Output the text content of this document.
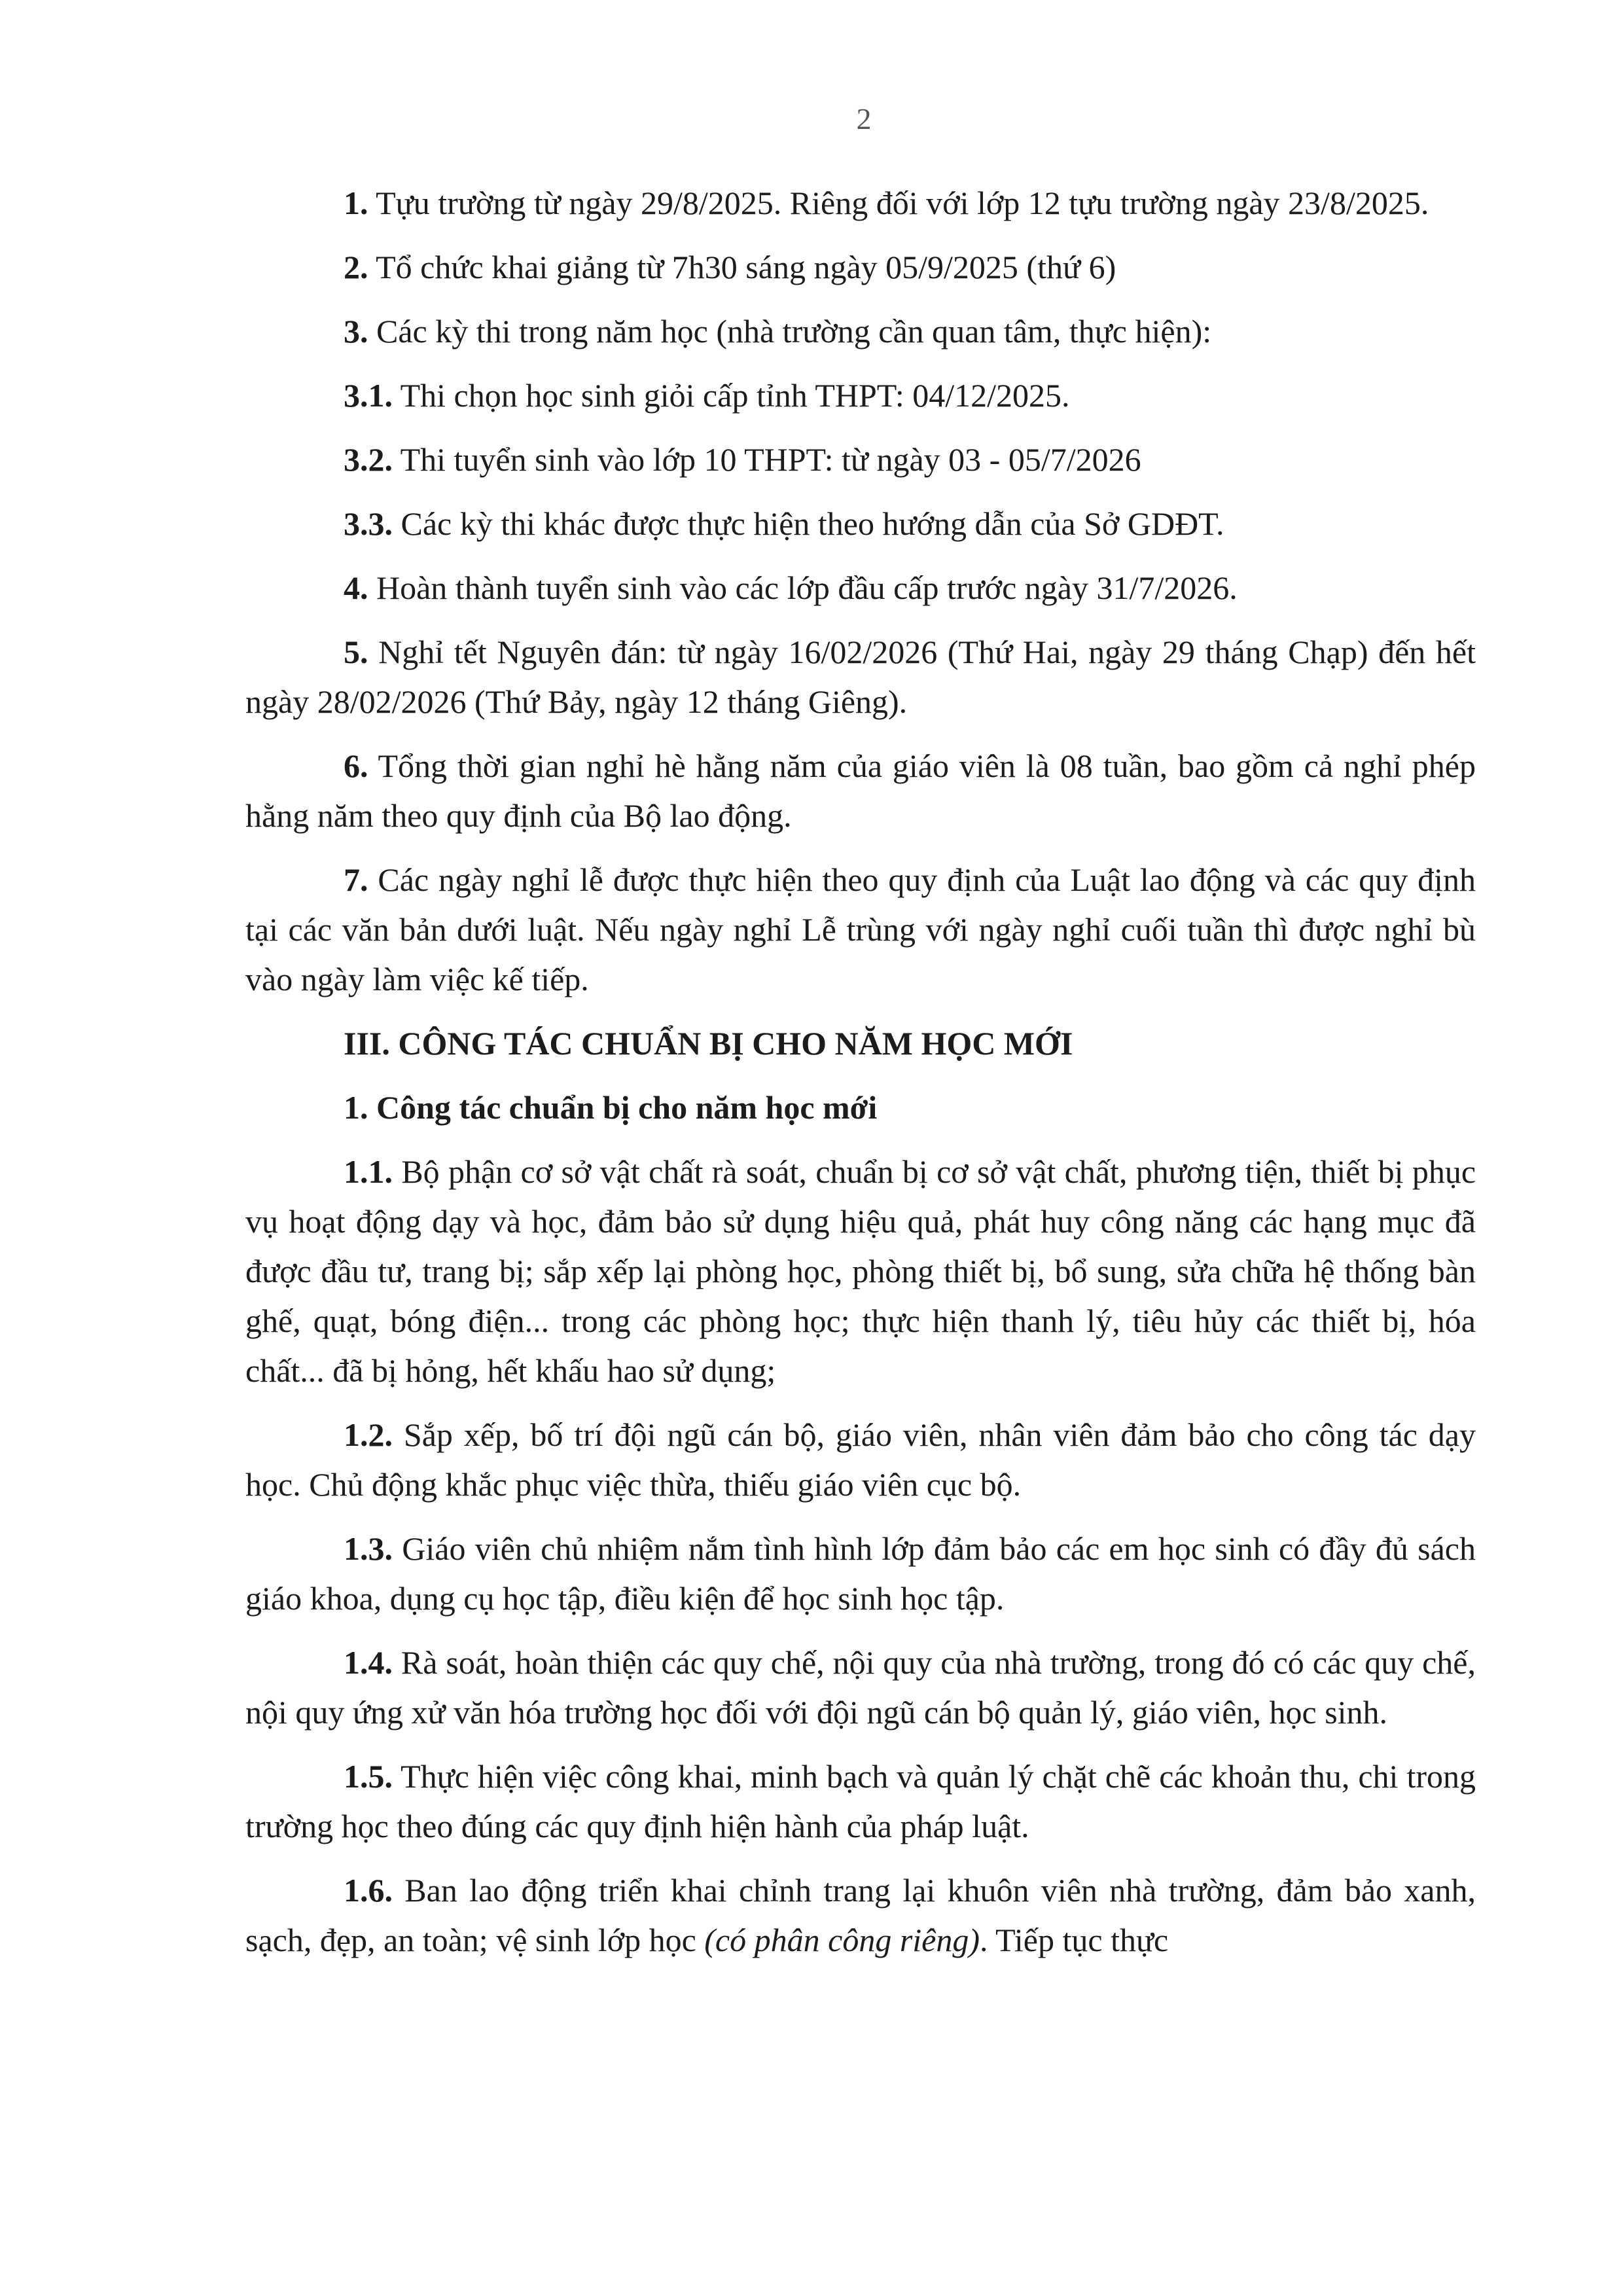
2

1. Tựu trường từ ngày 29/8/2025. Riêng đối với lớp 12 tựu trường ngày 23/8/2025.

2. Tổ chức khai giảng từ 7h30 sáng ngày 05/9/2025 (thứ 6)

3. Các kỳ thi trong năm học (nhà trường cần quan tâm, thực hiện):

3.1. Thi chọn học sinh giỏi cấp tỉnh THPT: 04/12/2025.

3.2. Thi tuyển sinh vào lớp 10 THPT: từ ngày 03 - 05/7/2026

3.3. Các kỳ thi khác được thực hiện theo hướng dẫn của Sở GDĐT.

4. Hoàn thành tuyển sinh vào các lớp đầu cấp trước ngày 31/7/2026.

5. Nghỉ tết Nguyên đán: từ ngày 16/02/2026 (Thứ Hai, ngày 29 tháng Chạp) đến hết ngày 28/02/2026 (Thứ Bảy, ngày 12 tháng Giêng).

6. Tổng thời gian nghỉ hè hằng năm của giáo viên là 08 tuần, bao gồm cả nghỉ phép hằng năm theo quy định của Bộ lao động.

7. Các ngày nghỉ lễ được thực hiện theo quy định của Luật lao động và các quy định tại các văn bản dưới luật. Nếu ngày nghỉ Lễ trùng với ngày nghỉ cuối tuần thì được nghỉ bù vào ngày làm việc kế tiếp.

III. CÔNG TÁC CHUẨN BỊ CHO NĂM HỌC MỚI

1. Công tác chuẩn bị cho năm học mới

1.1. Bộ phận cơ sở vật chất rà soát, chuẩn bị cơ sở vật chất, phương tiện, thiết bị phục vụ hoạt động dạy và học, đảm bảo sử dụng hiệu quả, phát huy công năng các hạng mục đã được đầu tư, trang bị; sắp xếp lại phòng học, phòng thiết bị, bổ sung, sửa chữa hệ thống bàn ghế, quạt, bóng điện... trong các phòng học; thực hiện thanh lý, tiêu hủy các thiết bị, hóa chất... đã bị hỏng, hết khấu hao sử dụng;

1.2. Sắp xếp, bố trí đội ngũ cán bộ, giáo viên, nhân viên đảm bảo cho công tác dạy học. Chủ động khắc phục việc thừa, thiếu giáo viên cục bộ.

1.3. Giáo viên chủ nhiệm nắm tình hình lớp đảm bảo các em học sinh có đầy đủ sách giáo khoa, dụng cụ học tập, điều kiện để học sinh học tập.

1.4. Rà soát, hoàn thiện các quy chế, nội quy của nhà trường, trong đó có các quy chế, nội quy ứng xử văn hóa trường học đối với đội ngũ cán bộ quản lý, giáo viên, học sinh.

1.5. Thực hiện việc công khai, minh bạch và quản lý chặt chẽ các khoản thu, chi trong trường học theo đúng các quy định hiện hành của pháp luật.

1.6. Ban lao động triển khai chỉnh trang lại khuôn viên nhà trường, đảm bảo xanh, sạch, đẹp, an toàn; vệ sinh lớp học (có phân công riêng). Tiếp tục thực
